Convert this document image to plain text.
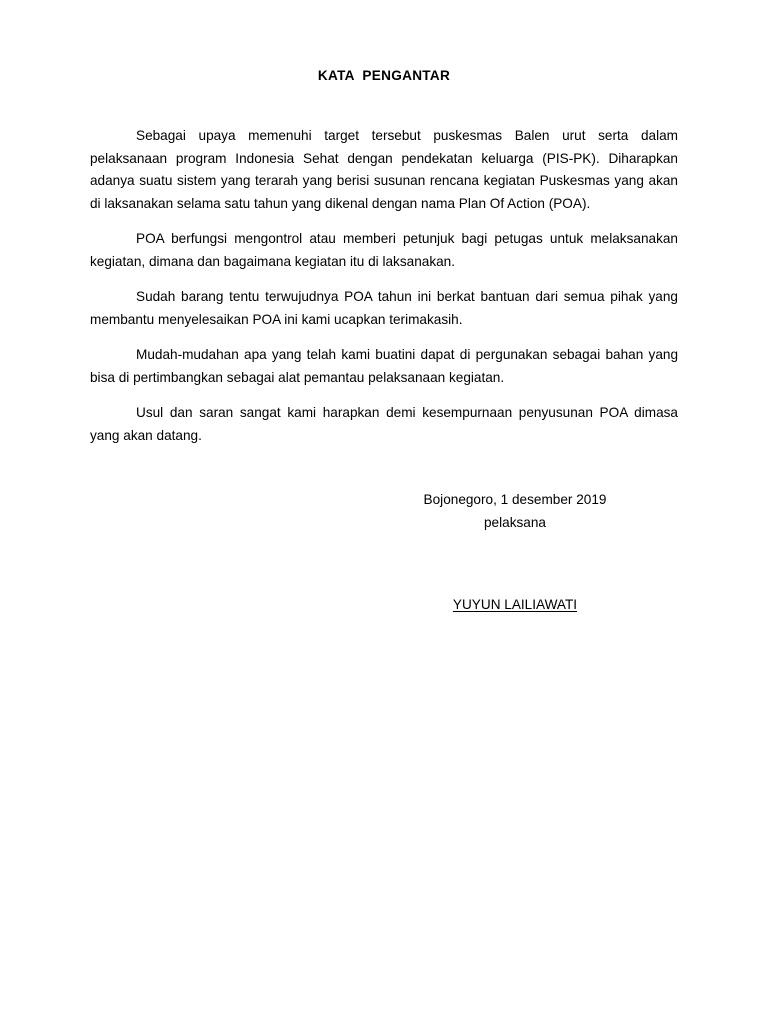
KATA PENGANTAR

Sebagai upaya memenuhi target tersebut puskesmas Balen urut serta dalam pelaksanaan program Indonesia Sehat dengan pendekatan keluarga (PIS-PK). Diharapkan adanya suatu sistem yang terarah yang berisi susunan rencana kegiatan Puskesmas yang akan di laksanakan selama satu tahun yang dikenal dengan nama Plan Of Action (POA).

POA berfungsi mengontrol atau memberi petunjuk bagi petugas untuk melaksanakan kegiatan, dimana dan bagaimana kegiatan itu di laksanakan.

Sudah barang tentu terwujudnya POA tahun ini berkat bantuan dari semua pihak yang membantu menyelesaikan POA ini kami ucapkan terimakasih.

Mudah-mudahan apa yang telah kami buatini dapat di pergunakan sebagai bahan yang bisa di pertimbangkan sebagai alat pemantau pelaksanaan kegiatan.

Usul dan saran sangat kami harapkan demi kesempurnaan penyusunan POA dimasa yang akan datang.

Bojonegoro, 1 desember 2019
pelaksana
YUYUN LAILIAWATI
